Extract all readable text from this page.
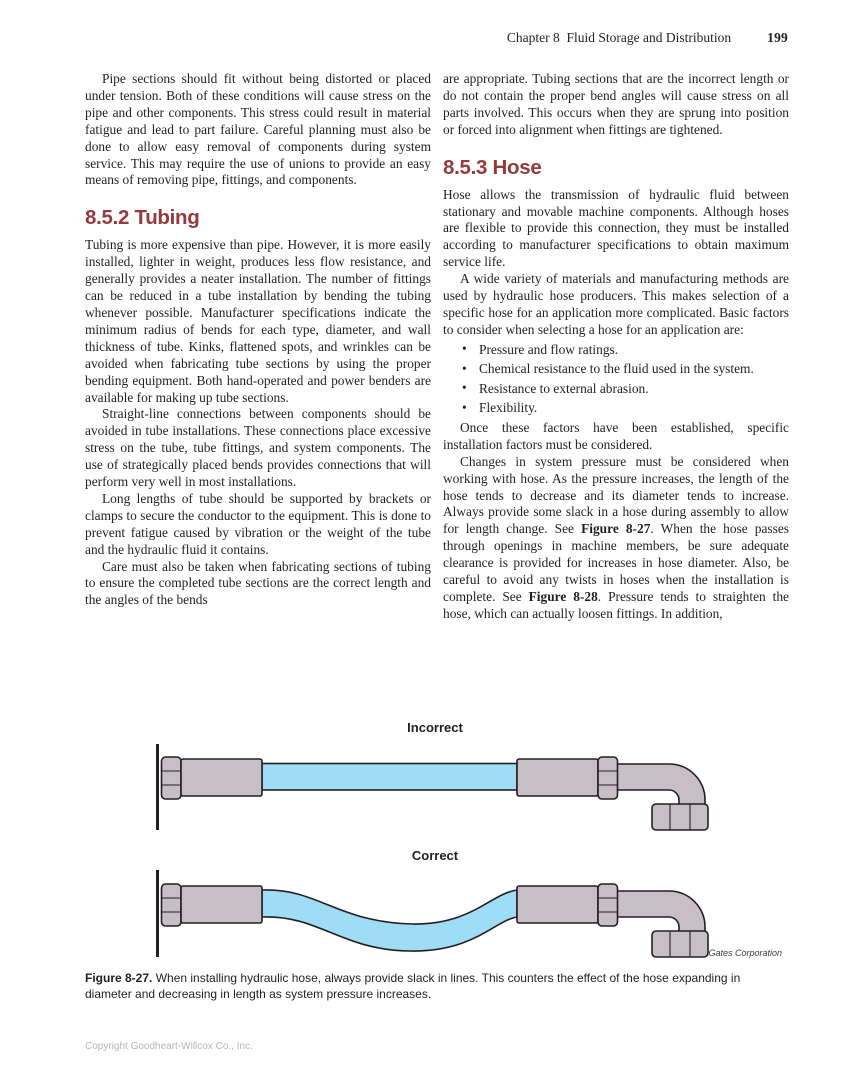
Chapter 8 Fluid Storage and Distribution	199

Pipe sections should fit without being distorted or placed under tension. Both of these conditions will cause stress on the pipe and other components. This stress could result in material fatigue and lead to part failure. Careful planning must also be done to allow easy removal of components during system service. This may require the use of unions to provide an easy means of removing pipe, fittings, and components.

8.5.2 Tubing

Tubing is more expensive than pipe. However, it is more easily installed, lighter in weight, produces less flow resistance, and generally provides a neater installation. The number of fittings can be reduced in a tube installation by bending the tubing whenever possible. Manufacturer specifications indicate the minimum radius of bends for each type, diameter, and wall thickness of tube. Kinks, flattened spots, and wrinkles can be avoided when fabricating tube sections by using the proper bending equipment. Both hand-operated and power benders are available for making up tube sections.

Straight-line connections between components should be avoided in tube installations. These connections place excessive stress on the tube, tube fittings, and system components. The use of strategically placed bends provides connections that will perform very well in most installations.

Long lengths of tube should be supported by brackets or clamps to secure the conductor to the equipment. This is done to prevent fatigue caused by vibration or the weight of the tube and the hydraulic fluid it contains.

Care must also be taken when fabricating sections of tubing to ensure the completed tube sections are the correct length and the angles of the bends

are appropriate. Tubing sections that are the incorrect length or do not contain the proper bend angles will cause stress on all parts involved. This occurs when they are sprung into position or forced into alignment when fittings are tightened.

8.5.3 Hose

Hose allows the transmission of hydraulic fluid between stationary and movable machine components. Although hoses are flexible to provide this connection, they must be installed according to manufacturer specifications to obtain maximum service life.

A wide variety of materials and manufacturing methods are used by hydraulic hose producers. This makes selection of a specific hose for an application more complicated. Basic factors to consider when selecting a hose for an application are:

• Pressure and flow ratings.
• Chemical resistance to the fluid used in the system.
• Resistance to external abrasion.
• Flexibility.

Once these factors have been established, specific installation factors must be considered.

Changes in system pressure must be considered when working with hose. As the pressure increases, the length of the hose tends to decrease and its diameter tends to increase. Always provide some slack in a hose during assembly to allow for length change. See Figure 8-27. When the hose passes through openings in machine members, be sure adequate clearance is provided for increases in hose diameter. Also, be careful to avoid any twists in hoses when the installation is complete. See Figure 8-28. Pressure tends to straighten the hose, which can actually loosen fittings. In addition,

Incorrect
Correct
Gates Corporation
Figure 8-27. When installing hydraulic hose, always provide slack in lines. This counters the effect of the hose expanding in diameter and decreasing in length as system pressure increases.
Copyright Goodheart-Willcox Co., Inc.
